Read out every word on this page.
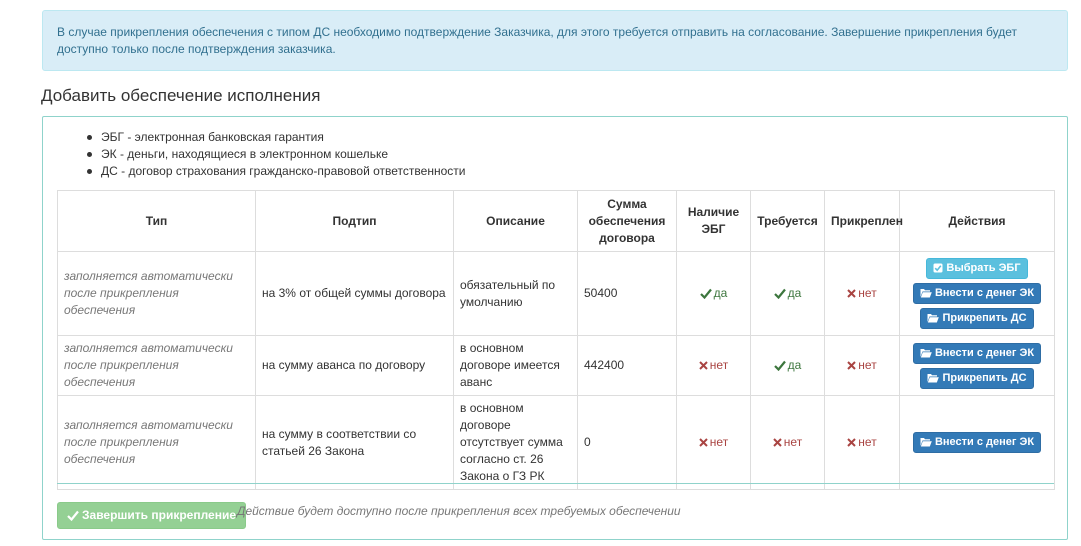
В случае прикрепления обеспечения с типом ДС необходимо подтверждение Заказчика, для этого требуется отправить на согласование. Завершение прикрепления будет доступно только после подтверждения заказчика.
Добавить обеспечение исполнения
ЭБГ - электронная банковская гарантия
ЭК - деньги, находящиеся в электронном кошельке
ДС - договор страхования гражданско-правовой ответственности
Тип	Подтип	Описание	Сумма обеспечения договора	Наличие ЭБГ	Требуется	Прикреплен	Действия
заполняется автоматически после прикрепления обеспечения	на 3% от общей суммы договора	обязательный по умолчанию	50400	да	да	нет	Выбрать ЭБГ
Внести с денег ЭК
Прикрепить ДС
заполняется автоматически после прикрепления обеспечения	на сумму аванса по договору	в основном договоре имеется аванс	442400	нет	да	нет	Внести с денег ЭК
Прикрепить ДС
заполняется автоматически после прикрепления обеспечения	на сумму в соответствии со статьей 26 Закона	в основном договоре отсутствует сумма согласно ст. 26 Закона о ГЗ РК	0	нет	нет	нет	Внести с денег ЭК
Завершить прикрепление Действие будет доступно после прикрепления всех требуемых обеспечении
